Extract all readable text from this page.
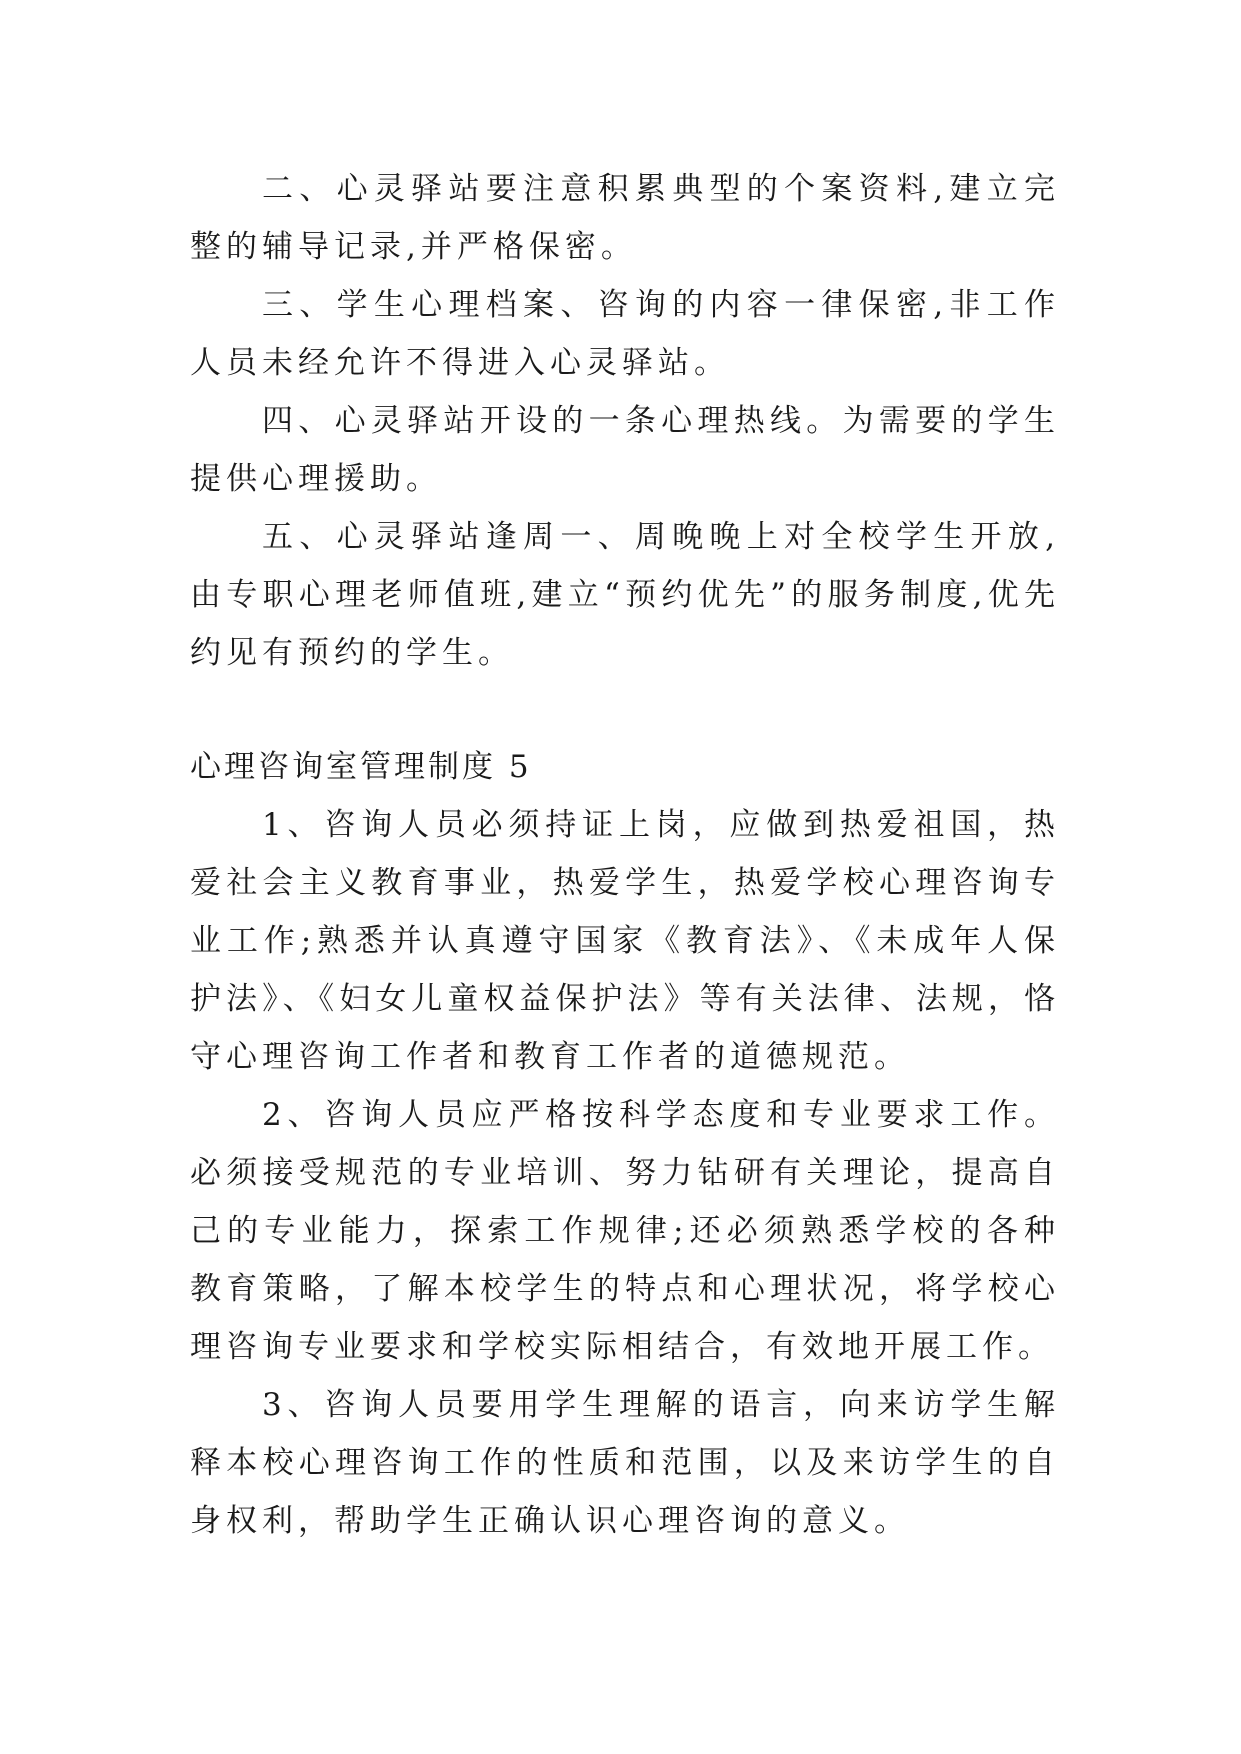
二、心灵驿站要注意积累典型的个案资料,建立完整的辅导记录,并严格保密。

三、学生心理档案、咨询的内容一律保密,非工作人员未经允许不得进入心灵驿站。

四、心灵驿站开设的一条心理热线。为需要的学生提供心理援助。

五、心灵驿站逢周一、周晚晚上对全校学生开放,由专职心理老师值班,建立“预约优先”的服务制度,优先约见有预约的学生。

心理咨询室管理制度 5

1、咨询人员必须持证上岗，应做到热爱祖国，热爱社会主义教育事业，热爱学生，热爱学校心理咨询专业工作;熟悉并认真遵守国家《教育法》、《未成年人保护法》、《妇女儿童权益保护法》等有关法律、法规，恪守心理咨询工作者和教育工作者的道德规范。

2、咨询人员应严格按科学态度和专业要求工作。必须接受规范的专业培训、努力钻研有关理论，提高自己的专业能力，探索工作规律;还必须熟悉学校的各种教育策略，了解本校学生的特点和心理状况，将学校心理咨询专业要求和学校实际相结合，有效地开展工作。

3、咨询人员要用学生理解的语言，向来访学生解释本校心理咨询工作的性质和范围，以及来访学生的自身权利，帮助学生正确认识心理咨询的意义。
